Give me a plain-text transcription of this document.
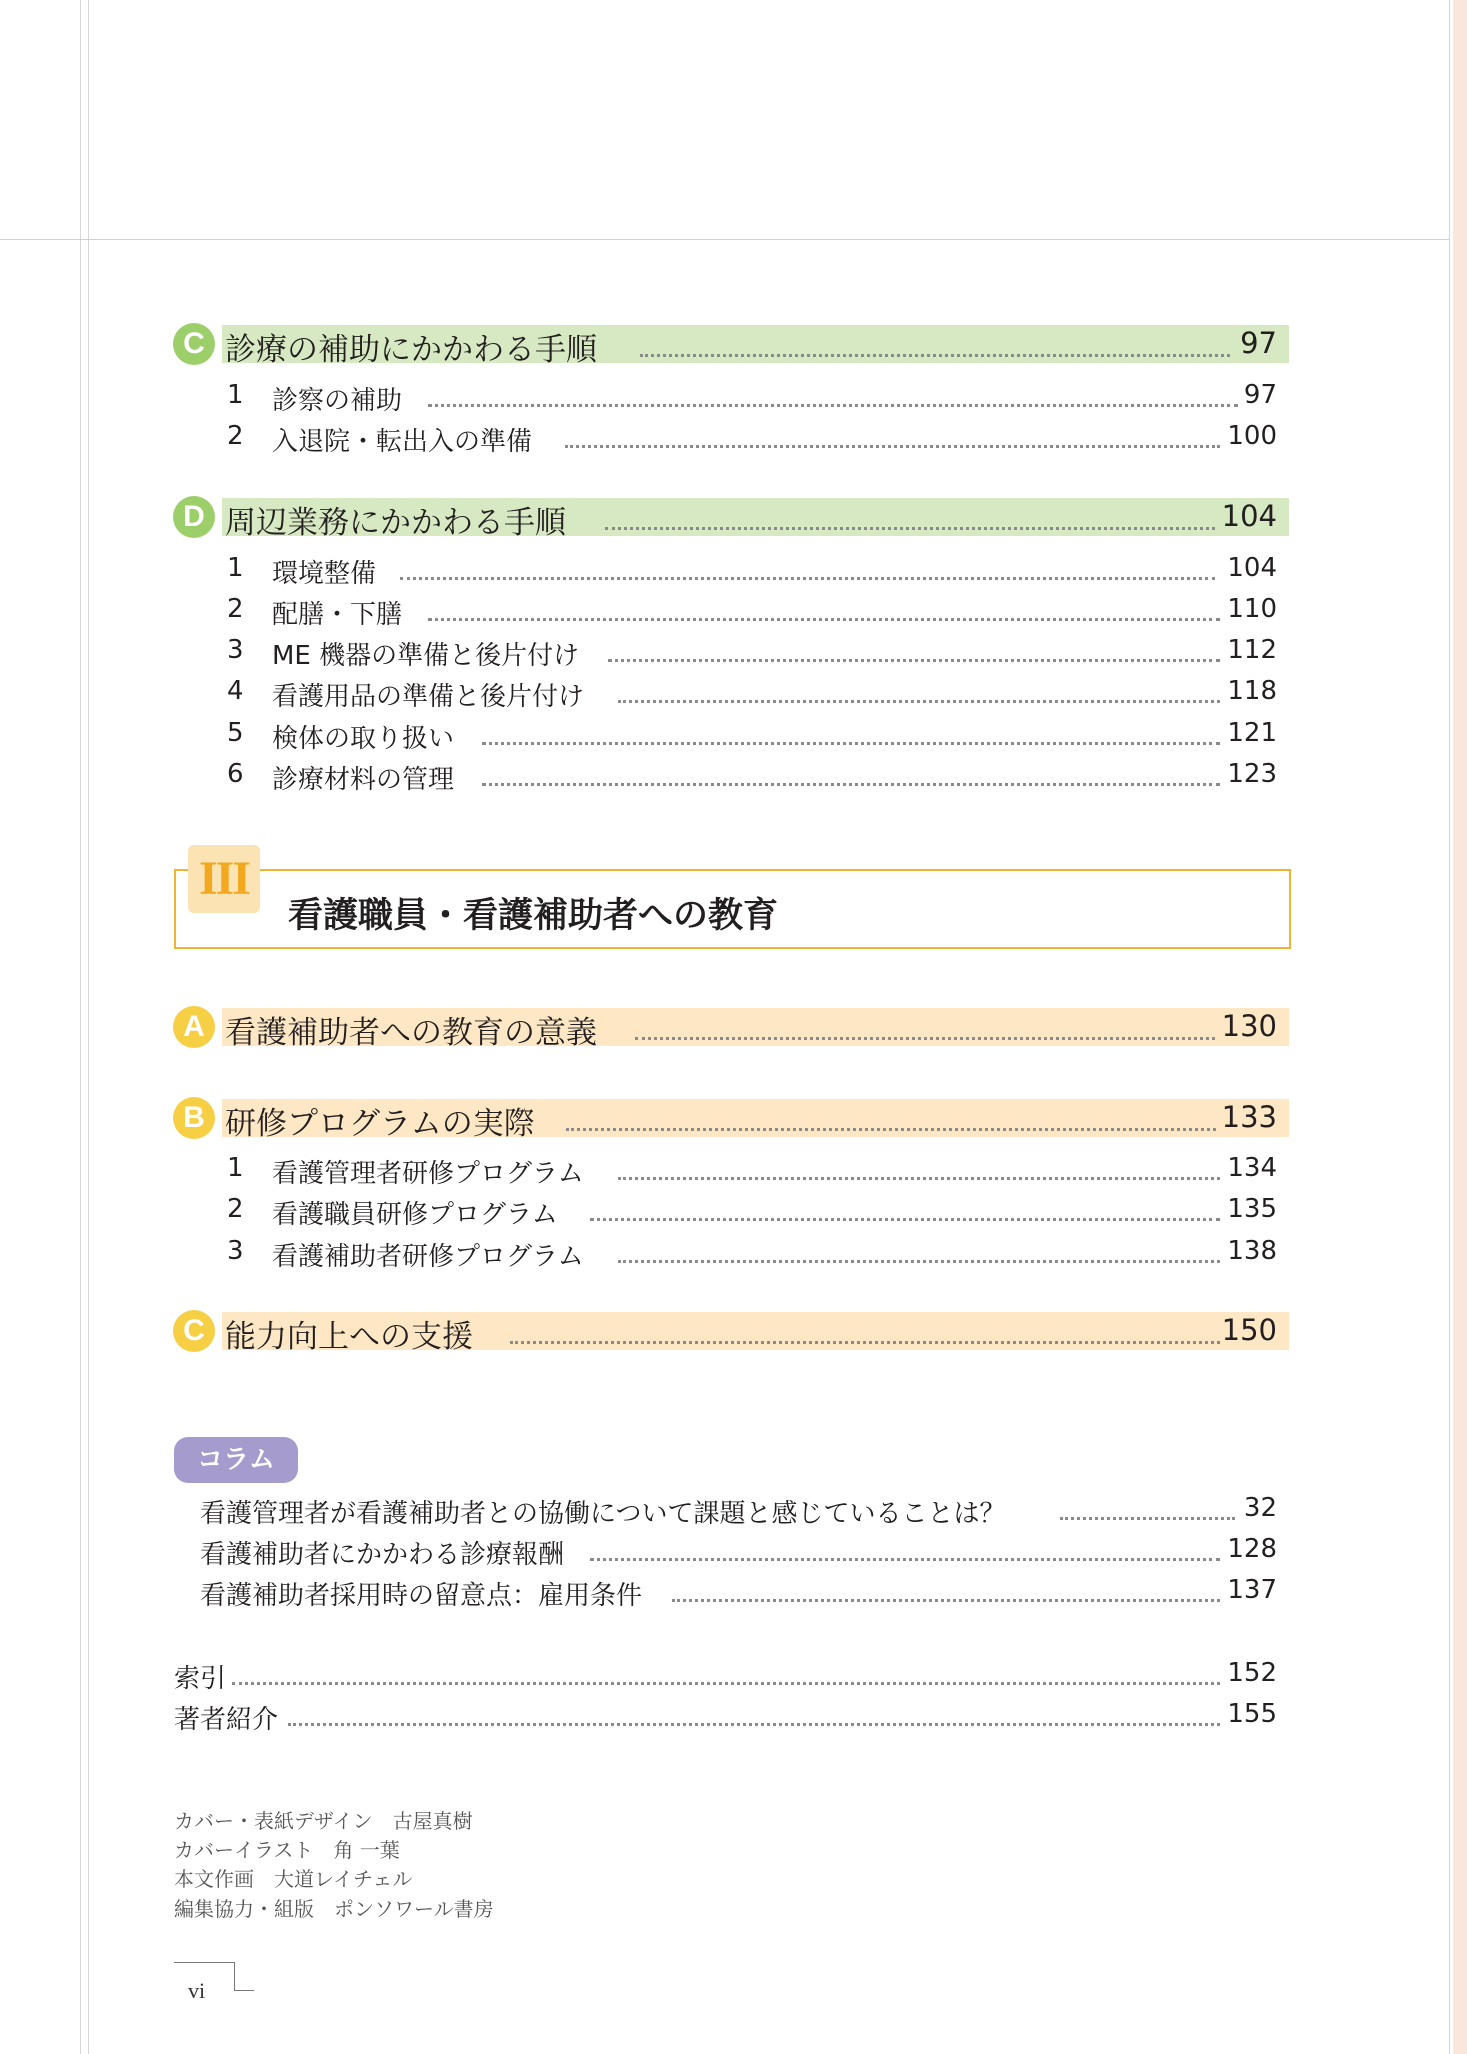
C 診療の補助にかかわる手順	97
1 診察の補助	97
2 入退院・転出入の準備	100
D 周辺業務にかかわる手順	104
1 環境整備	104
2 配膳・下膳	110
3 ME 機器の準備と後片付け	112
4 看護用品の準備と後片付け	118
5 検体の取り扱い	121
6 診療材料の管理	123
III
看護職員・看護補助者への教育
A 看護補助者への教育の意義	130
B 研修プログラムの実際	133
1 看護管理者研修プログラム	134
2 看護職員研修プログラム	135
3 看護補助者研修プログラム	138
C 能力向上への支援	150
コラム
看護管理者が看護補助者との協働について課題と感じていることは？	32
看護補助者にかかわる診療報酬	128
看護補助者採用時の留意点：雇用条件	137
索引	152
著者紹介	155
カバー・表紙デザイン　古屋真樹
カバーイラスト　角 一葉
本文作画　大道レイチェル
編集協力・組版　ポンソワール書房
vi
